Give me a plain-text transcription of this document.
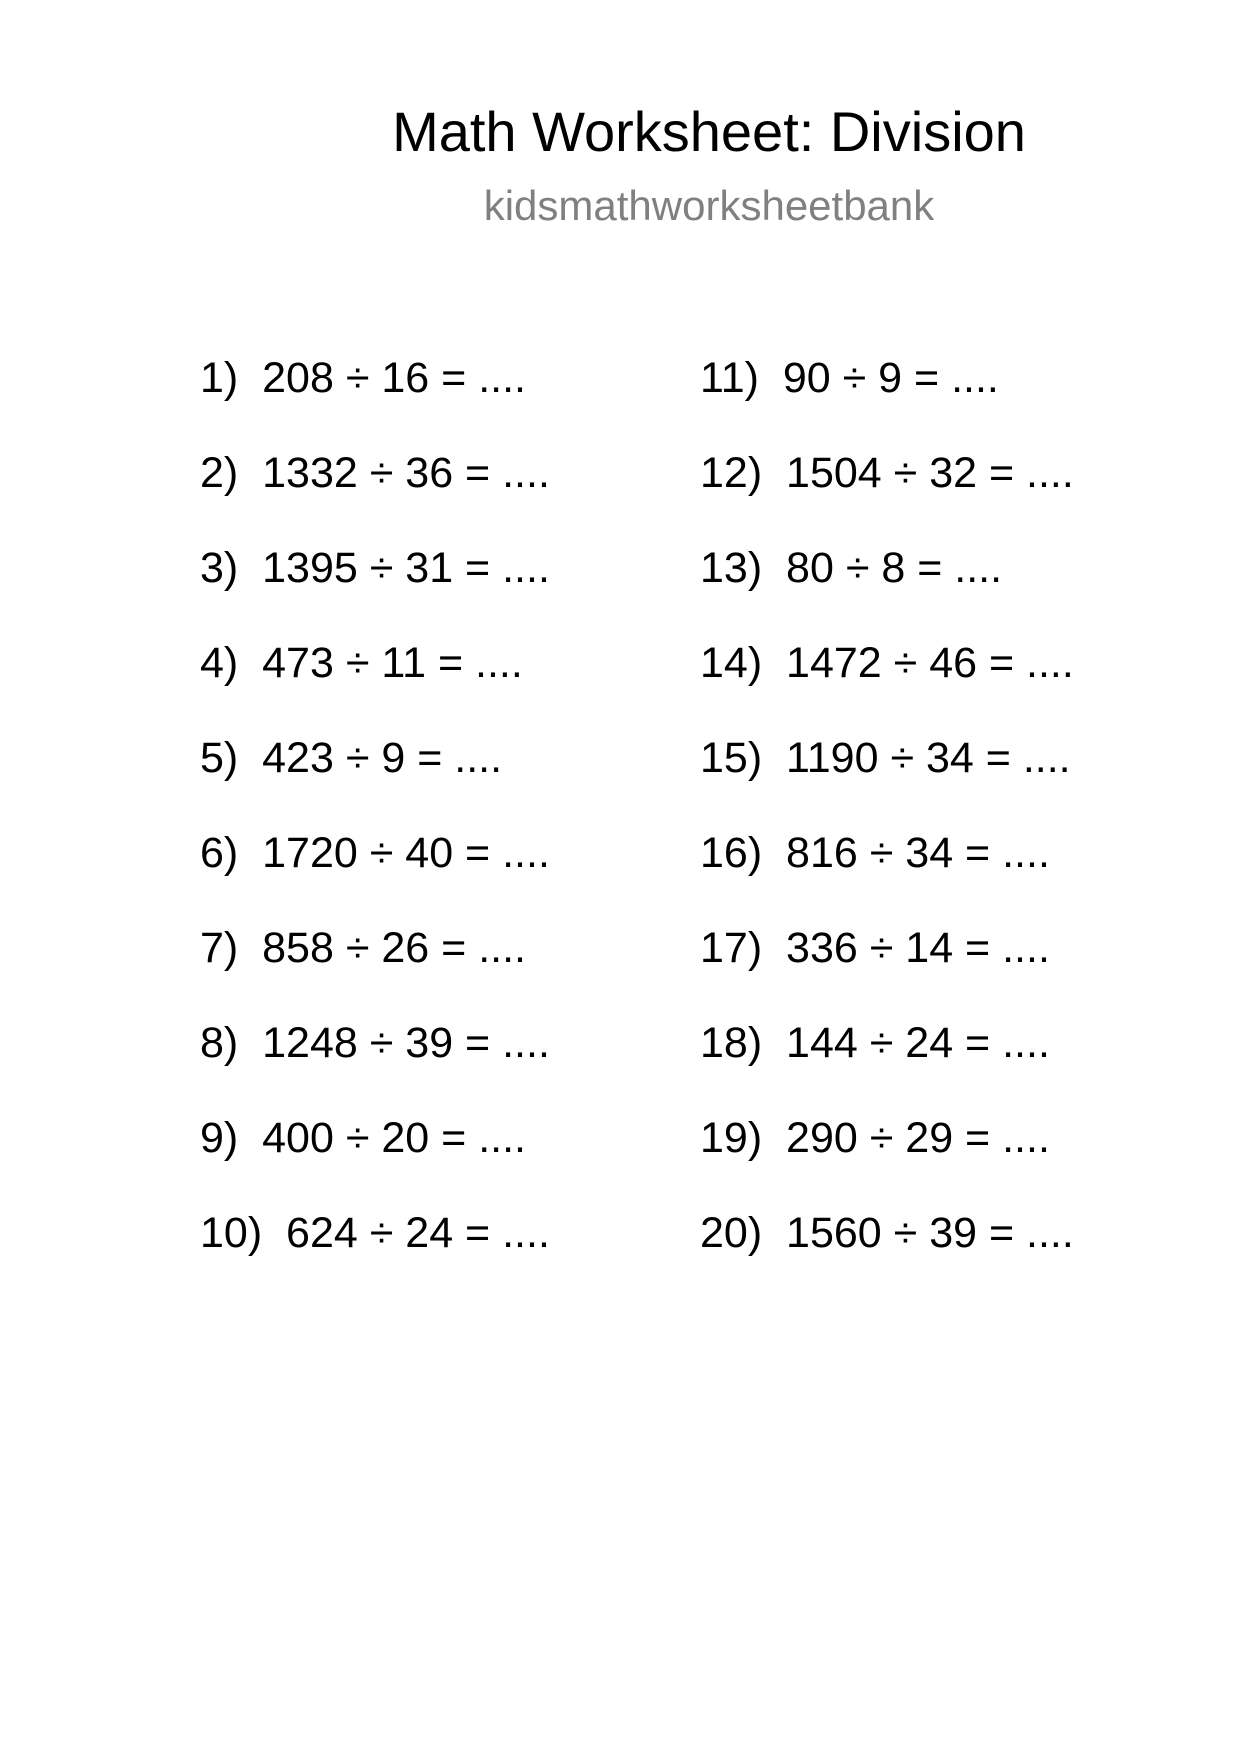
Math Worksheet: Division
kidsmathworksheetbank
1)  208 ÷ 16 = ....
2)  1332 ÷ 36 = ....
3)  1395 ÷ 31 = ....
4)  473 ÷ 11 = ....
5)  423 ÷ 9 = ....
6)  1720 ÷ 40 = ....
7)  858 ÷ 26 = ....
8)  1248 ÷ 39 = ....
9)  400 ÷ 20 = ....
10)  624 ÷ 24 = ....
11)  90 ÷ 9 = ....
12)  1504 ÷ 32 = ....
13)  80 ÷ 8 = ....
14)  1472 ÷ 46 = ....
15)  1190 ÷ 34 = ....
16)  816 ÷ 34 = ....
17)  336 ÷ 14 = ....
18)  144 ÷ 24 = ....
19)  290 ÷ 29 = ....
20)  1560 ÷ 39 = ....
